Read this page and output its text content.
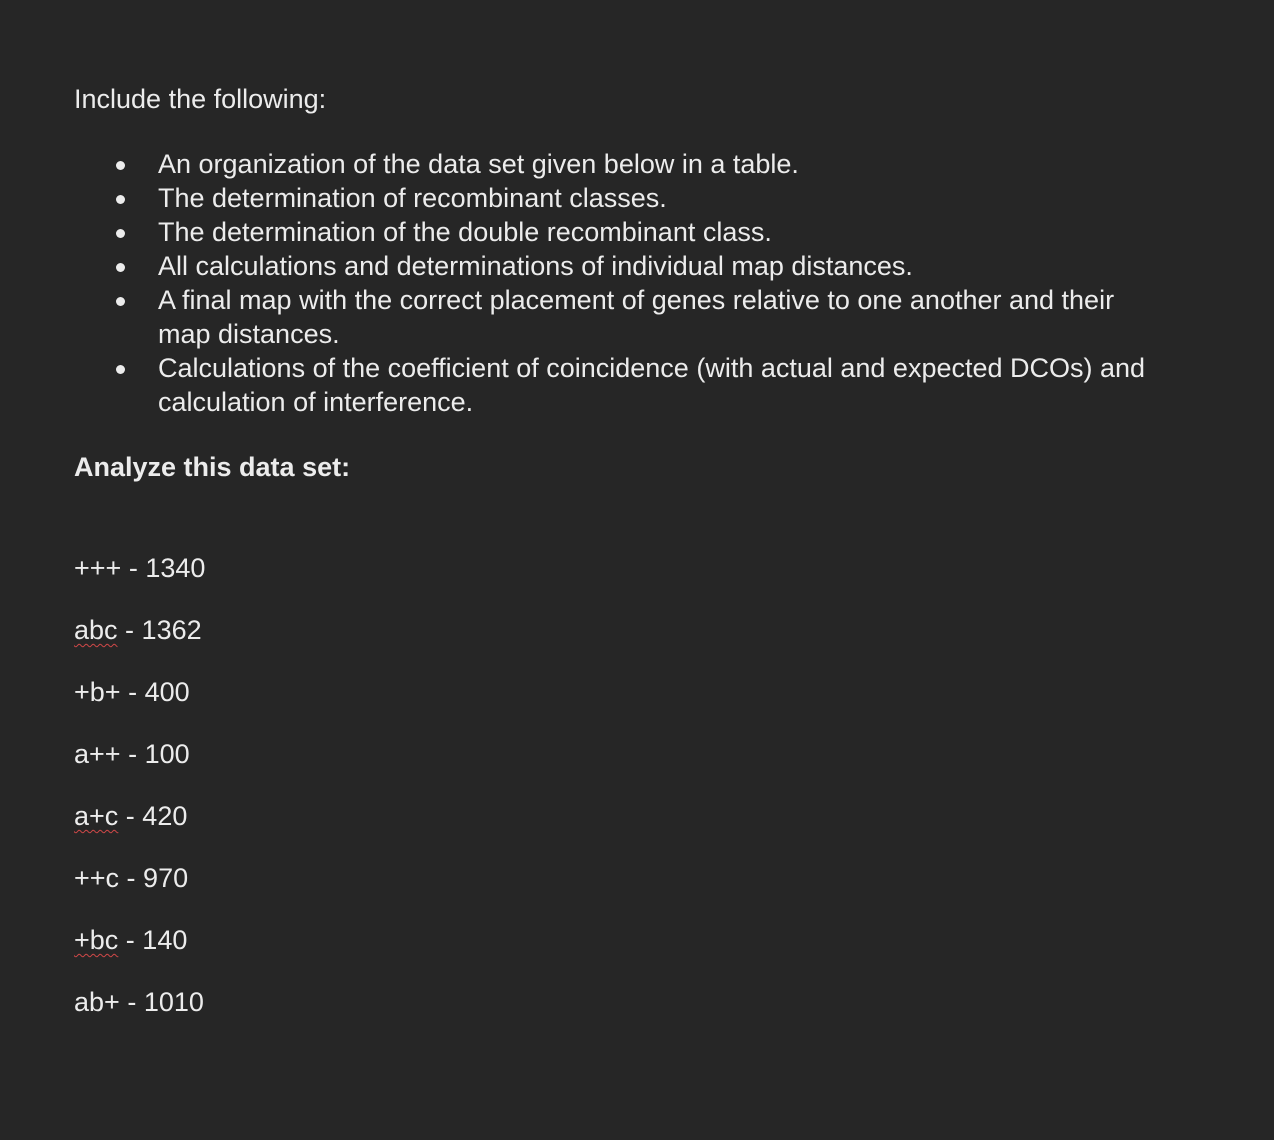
Include the following:
An organization of the data set given below in a table.
The determination of recombinant classes.
The determination of the double recombinant class.
All calculations and determinations of individual map distances.
A final map with the correct placement of genes relative to one another and their map distances.
Calculations of the coefficient of coincidence (with actual and expected DCOs) and calculation of interference.
Analyze this data set:
+++ - 1340
abc - 1362
+b+ - 400
a++ - 100
a+c - 420
++c - 970
+bc - 140
ab+ - 1010
